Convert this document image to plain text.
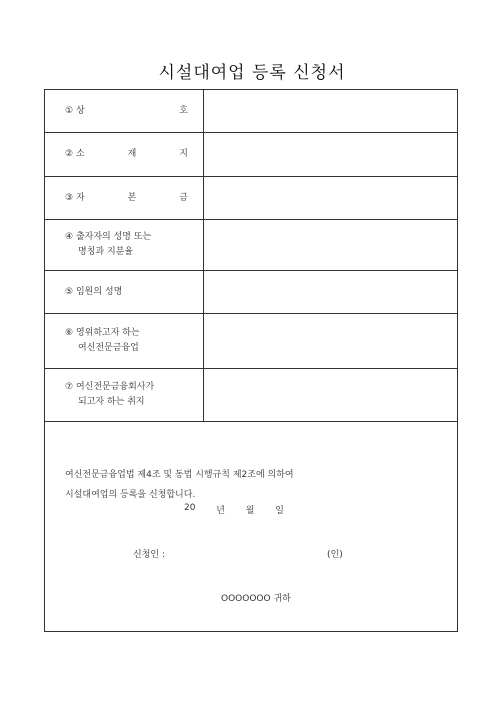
시설대여업 등록 신청서
① 상	호
② 소	재	지
③ 자	본	금
④ 출자자의 성명 또는
명칭과 지분율
⑤ 임원의 성명
⑥ 영위하고자 하는
여신전문금융업
⑦ 여신전문금융회사가
되고자 하는 취지
여신전문금융업법 제4조 및 동법 시행규칙 제2조에 의하여
시설대여업의 등록을 신청합니다.
20 년 월 일
신청인 :	(인)
OOOOOOO 귀하
